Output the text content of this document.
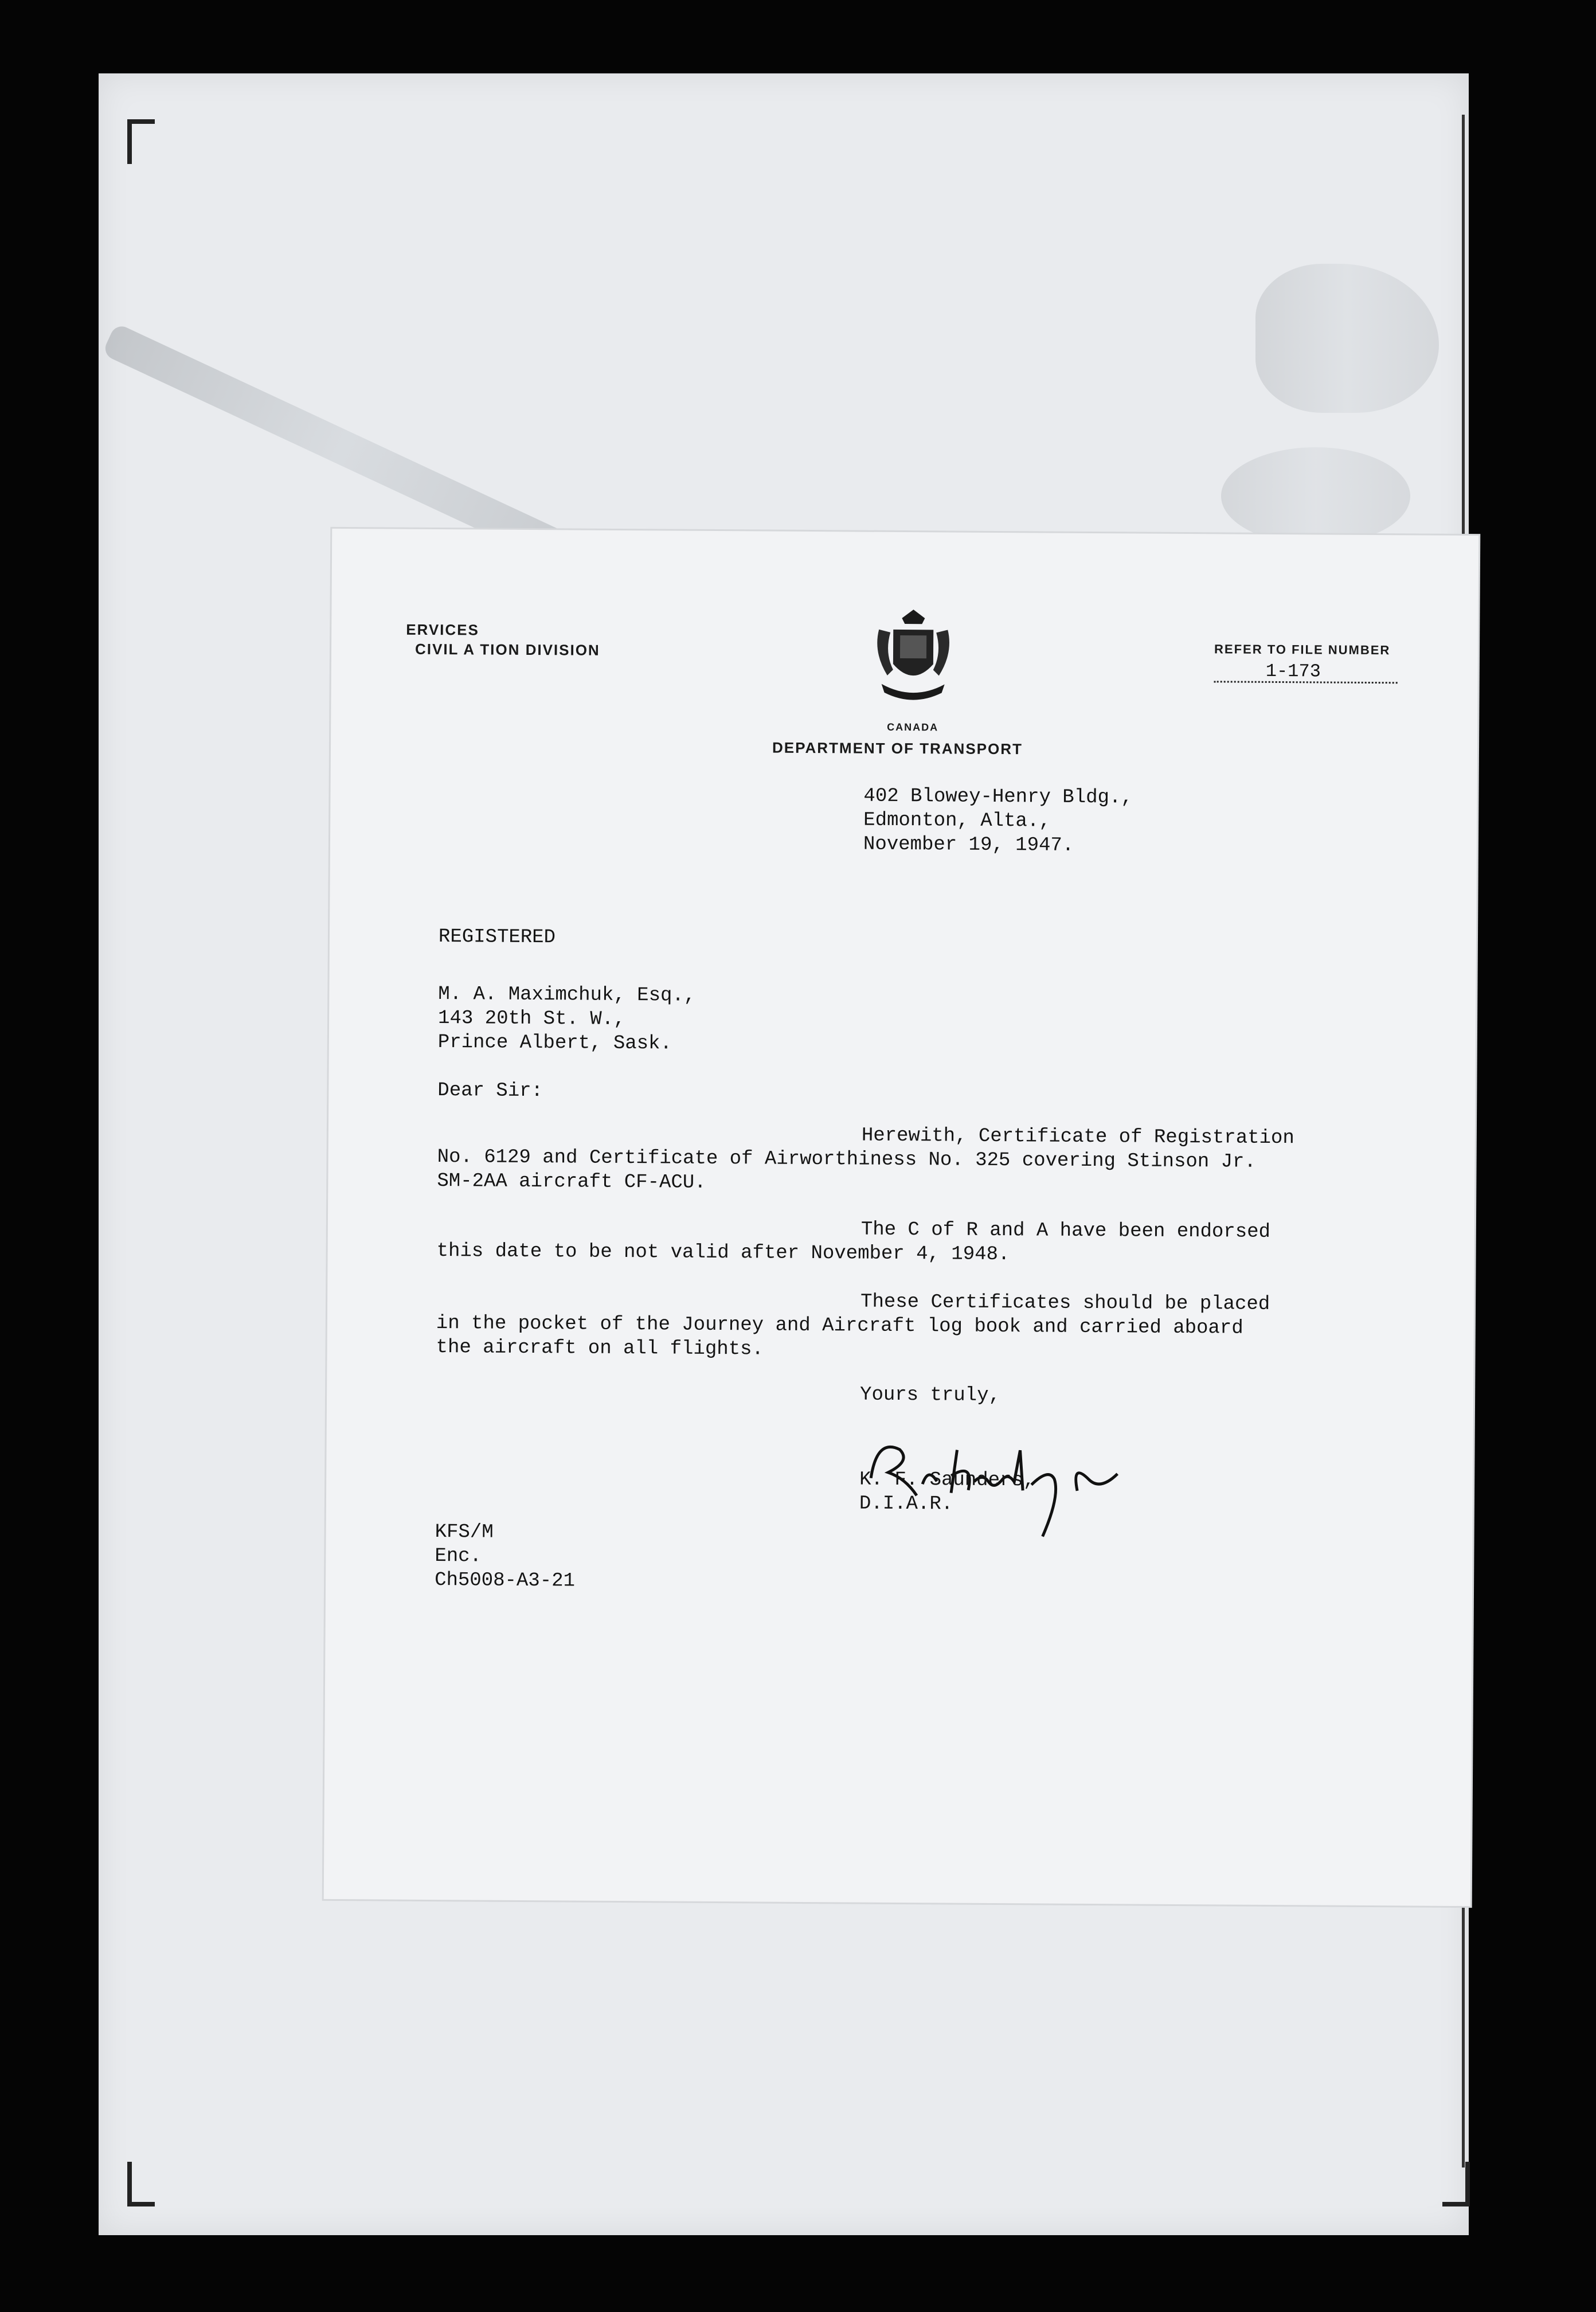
ERVICES
CIVIL A TION DIVISION
CANADA
DEPARTMENT OF TRANSPORT
REFER TO FILE NUMBER
1-173
402 Blowey-Henry Bldg.,
Edmonton, Alta.,
November 19, 1947.
REGISTERED
M. A. Maximchuk, Esq.,
143 20th St. W.,
Prince Albert, Sask.
Dear Sir:
Herewith, Certificate of Registration
No. 6129 and Certificate of Airworthiness No. 325 covering Stinson Jr.
SM-2AA aircraft CF-ACU.
The C of R and A have been endorsed
this date to be not valid after November 4, 1948.
These Certificates should be placed
in the pocket of the Journey and Aircraft log book and carried aboard
the aircraft on all flights.
Yours truly,
K. F. Saunders,
D.I.A.R.
KFS/M
Enc.
Ch5008-A3-21
